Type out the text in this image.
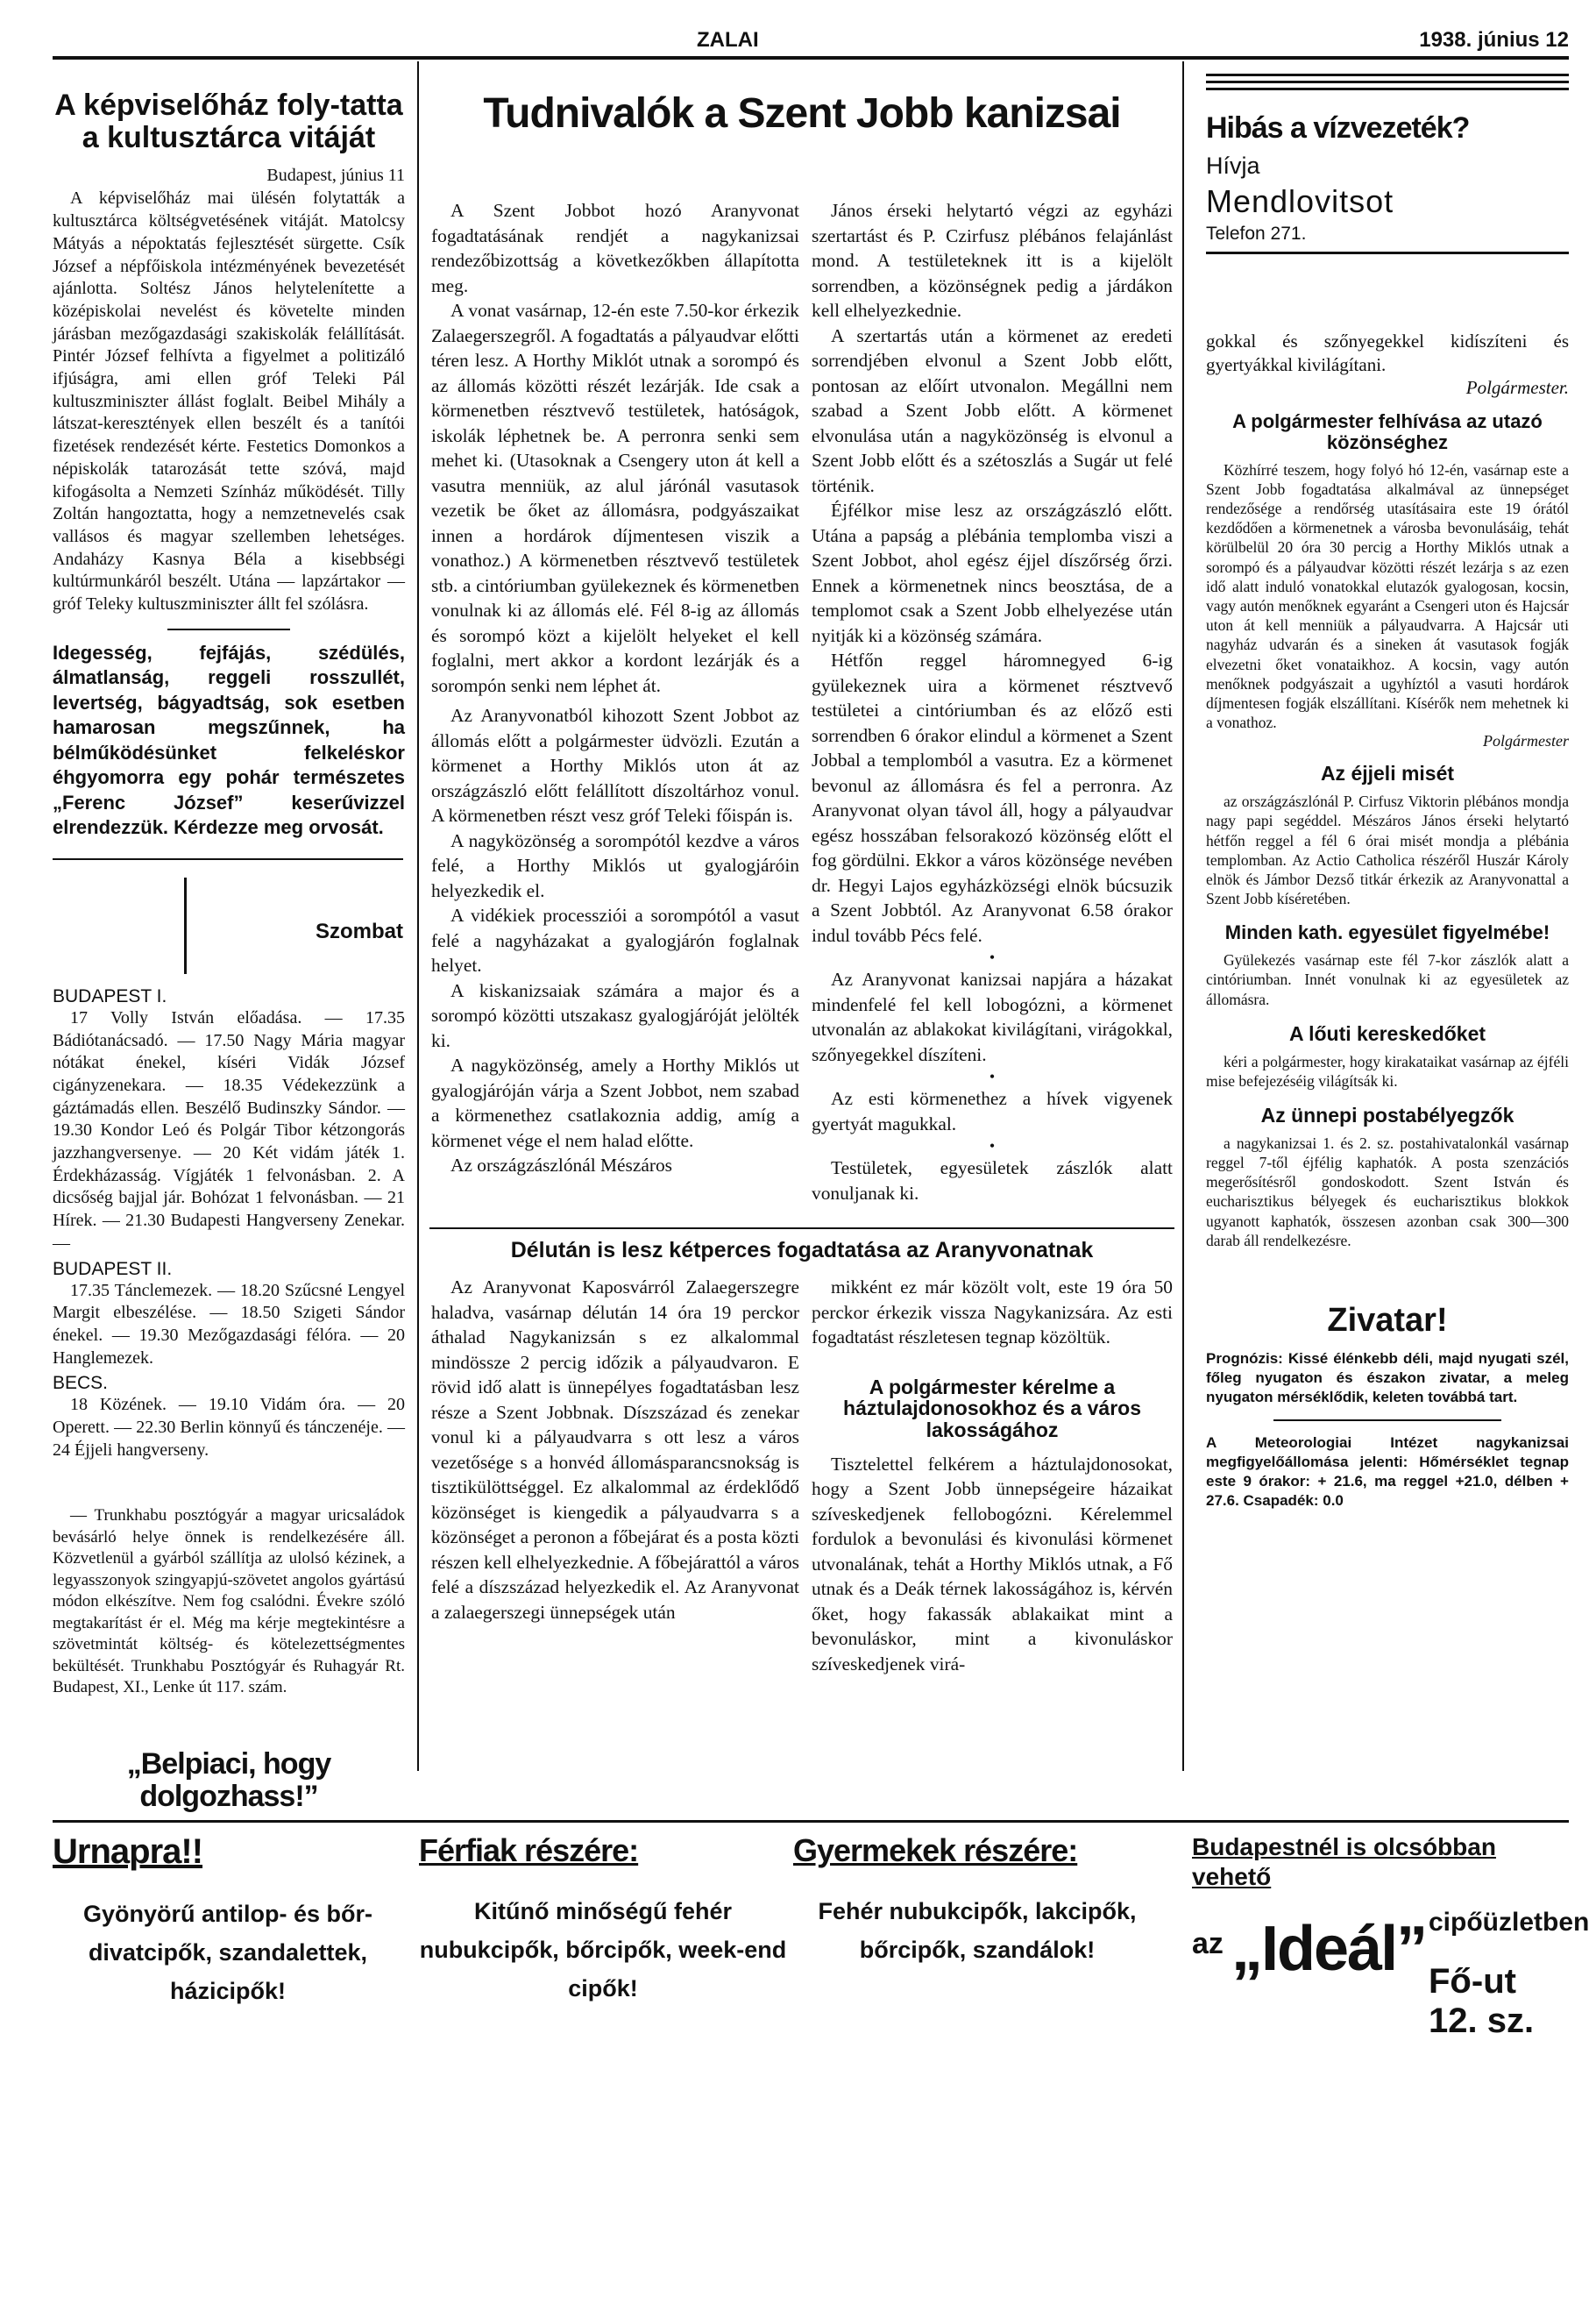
ZALAI	1938. június 12
A képviselőház foly-tatta a kultusztárca vitáját
Budapest, június 11

A képviselőház mai ülésén folytatták a kultusztárca költségvetésének vitáját. Matolcsy Mátyás a népoktatás fejlesztését sürgette. Csík József a népfőiskola intézményének bevezetését ajánlotta. Soltész János helytelenítette a középiskolai nevelést és követelte minden járásban mezőgazdasági szakiskolák felállítását. Pintér József felhívta a figyelmet a politizáló ifjúságra, ami ellen gróf Teleki Pál kultuszminiszter állást foglalt. Beibel Mihály a látszat-keresztények ellen beszélt és a tanítói fizetések rendezését kérte. Festetics Domonkos a népiskolák tatarozását tette szóvá, majd kifogásolta a Nemzeti Színház működését. Tilly Zoltán hangoztatta, hogy a nemzetnevelés csak vallásos és magyar szellemben lehetséges. Andaházy Kasnya Béla a kisebbségi kultúrmunkáról beszélt. Utána — lapzártakor — gróf Teleky kultuszminiszter állt fel szólásra.

Idegesség, fejfájás, szédülés, álmatlanság, reggeli rosszullét, levertség, bágyadtság, sok esetben hamarosan megszűnnek, ha bélműködésünket felkeléskor éhgyomorra egy pohár természetes „Ferenc József” keserűvizzel elrendezzük. Kérdezze meg orvosát.
Szombat
BUDAPEST I.

17 Volly István előadása. — 17.35 Bádiótanácsadó. — 17.50 Nagy Mária magyar nótákat énekel, kíséri Vidák József cigányzenekara. — 18.35 Védekezzünk a gáztámadás ellen. Beszélő Budinszky Sándor. — 19.30 Kondor Leó és Polgár Tibor kétzongorás jazzhangversenye. — 20 Két vidám játék 1. Érdekházasság. Vígjáték 1 felvonásban. 2. A dicsőség bajjal jár. Bohózat 1 felvonásban. — 21 Hírek. — 21.30 Budapesti Hangverseny Zenekar. —

BUDAPEST II.

17.35 Tánclemezek. — 18.20 Szűcsné Lengyel Margit elbeszélése. — 18.50 Szigeti Sándor énekel. — 19.30 Mezőgazdasági félóra. — 20 Hanglemezek.

BECS.

18 Közének. — 19.10 Vidám óra. — 20 Operett. — 22.30 Berlin könnyű és tánczenéje. — 24 Éjjeli hangverseny.

— Trunkhabu posztógyár a magyar uricsaládok bevásárló helye önnek is rendelkezésére áll. Közvetlenül a gyárból szállítja az ulolsó kézinek, a legyasszonyok szingyapjú-szövetet angolos gyártású módon elkészítve. Nem fog csalódni. Évekre szóló megtakarítást ér el. Még ma kérje megtekintésre a szövetmintát költség- és kötelezettségmentes bekültését. Trunkhabu Posztógyár és Ruhagyár Rt. Budapest, XI., Lenke út 117. szám.

„Belpiaci, hogy dolgozhass!”
Tudnivalók a Szent Jobb kanizsai

A Szent Jobbot hozó Aranyvonat fogadtatásának rendjét a nagykanizsai rendezőbizottság a következőkben állapította meg.

A vonat vasárnap, 12-én este 7.50-kor érkezik Zalaegerszegről. A fogadtatás a pályaudvar előtti téren lesz. A Horthy Miklót utnak a sorompó és az állomás közötti részét lezárják. Ide csak a körmenetben résztvevő testületek, hatóságok, iskolák léphetnek be. A perronra senki sem mehet ki. (Utasoknak a Csengery uton át kell a vasutra menniük, az alul járónál vasutasok vezetik be őket az állomásra, podgyászaikat innen a hordárok díjmentesen viszik a vonathoz.) A körmenetben résztvevő testületek stb. a cintóriumban gyülekeznek és körmenetben vonulnak ki az állomás elé. Fél 8-ig az állomás és sorompó közt a kijelölt helyeket el kell foglalni, mert akkor a kordont lezárják és a sorompón senki nem léphet át.

Az Aranyvonatból kihozott Szent Jobbot az állomás előtt a polgármester üdvözli. Ezután a körmenet a Horthy Miklós uton át az országzászló előtt felállított díszoltárhoz vonul. A körmenetben részt vesz gróf Teleki főispán is.

A nagyközönség a sorompótól kezdve a város felé, a Horthy Miklós ut gyalogjáróin helyezkedik el.

A vidékiek processziói a sorompótól a vasut felé a nagyházakat a gyalogjárón foglalnak helyet.

A kiskanizsaiak számára a major és a sorompó közötti utszakasz gyalogjáróját jelölték ki.

A nagyközönség, amely a Horthy Miklós ut gyalogjáróján várja a Szent Jobbot, nem szabad a körmenethez csatlakoznia addig, amíg a körmenet vége el nem halad előtte.

Az országzászlónál Mészáros

János érseki helytartó végzi az egyházi szertartást és P. Czirfusz plébános felajánlást mond. A testületeknek itt is a kijelölt sorrendben, a közönségnek pedig a járdákon kell elhelyezkednie.

A szertartás után a körmenet az eredeti sorrendjében elvonul a Szent Jobb előtt, pontosan az előírt utvonalon. Megállni nem szabad a Szent Jobb előtt. A körmenet elvonulása után a nagyközönség is elvonul a Szent Jobb előtt és a szétoszlás a Sugár ut felé történik.

Éjfélkor mise lesz az országzászló előtt. Utána a papság a plébánia templomba viszi a Szent Jobbot, ahol egész éjjel díszőrség őrzi. Ennek a körmenetnek nincs beosztása, de a templomot csak a Szent Jobb elhelyezése után nyitják ki a közönség számára.

Hétfőn reggel háromnegyed 6-ig gyülekeznek uira a körmenet résztvevő testületei a cintóriumban és az előző esti sorrendben 6 órakor elindul a körmenet a Szent Jobbal a templomból a vasutra. Ez a körmenet bevonul az állomásra és fel a perronra. Az Aranyvonat olyan távol áll, hogy a pályaudvar egész hosszában felsorakozó közönség előtt el fog gördülni. Ekkor a város közönsége nevében dr. Hegyi Lajos egyházközségi elnök búcsuzik a Szent Jobbtól. Az Aranyvonat 6.58 órakor indul tovább Pécs felé.

•

Az Aranyvonat kanizsai napjára a házakat mindenfelé fel kell lobogózni, a körmenet utvonalán az ablakokat kivilágítani, virágokkal, szőnyegekkel díszíteni.

•

Az esti körmenethez a hívek vigyenek gyertyát magukkal.

•

Testületek, egyesületek zászlók alatt vonuljanak ki.

Délután is lesz kétperces fogadtatása az Aranyvonatnak

Az Aranyvonat Kaposvárról Zalaegerszegre haladva, vasárnap délután 14 óra 19 perckor áthalad Nagykanizsán s ez alkalommal mindössze 2 percig időzik a pályaudvaron. E rövid idő alatt is ünnepélyes fogadtatásban lesz része a Szent Jobbnak. Díszszázad és zenekar vonul ki a pályaudvarra s ott lesz a város vezetősége s a honvéd állomásparancsnokság is tisztikülöttséggel. Ez alkalommal az érdeklődő közönséget is kiengedik a pályaudvarra s a közönséget a peronon a főbejárat és a posta közti részen kell elhelyezkednie. A főbejárattól a város felé a díszszázad helyezkedik el. Az Aranyvonat a zalaegerszegi ünnepségek után

mikként ez már közölt volt, este 19 óra 50 perckor érkezik vissza Nagykanizsára. Az esti fogadtatást részletesen tegnap közöltük.

A polgármester kérelme a háztulajdonosokhoz és a város lakosságához

Tisztelettel felkérem a háztulajdonosokat, hogy a Szent Jobb ünnepségeire házaikat szíveskedjenek fellobogózni. Kérelemmel fordulok a bevonulási és kivonulási körmenet utvonalának, tehát a Horthy Miklós utnak, a Fő utnak és a Deák térnek lakosságához is, kérvén őket, hogy fakassák ablakaikat mint a bevonuláskor, mint a kivonuláskor szíveskedjenek virá-

Hibás a vízvezeték?
Hívja
Mendlovitsot
Telefon 271.

gokkal és szőnyegekkel kidíszíteni és gyertyákkal kivilágítani.

Polgármester.
A polgármester felhívása az utazó közönséghez

Közhírré teszem, hogy folyó hó 12-én, vasárnap este a Szent Jobb fogadtatása alkalmával az ünnepséget rendezősége a rendőrség utasításaira este 19 órától kezdődően a körmenetnek a városba bevonulásáig, tehát körülbelül 20 óra 30 percig a Horthy Miklós utnak a sorompó és a pályaudvar közötti részét lezárja s az ezen idő alatt induló vonatokkal elutazók gyalogosan, kocsin, vagy autón menőknek egyaránt a Csengeri uton és Hajcsár uton át kell menniük a pályaudvarra. A Hajcsár uti nagyház udvarán és a sineken át vasutasok fogják elvezetni őket vonataikhoz. A kocsin, vagy autón menőknek podgyászait a ugyhíztól a vasuti hordárok díjmentesen fogják elszállítani. Kísérők nem mehetnek ki a vonathoz.

Polgármester
Az éjjeli misét

az országzászlónál P. Cirfusz Viktorin plébános mondja nagy papi segéddel. Mészáros János érseki helytartó hétfőn reggel a fél 6 órai misét mondja a plébánia templomban. Az Actio Catholica részéről Huszár Károly elnök és Jámbor Dezső titkár érkezik az Aranyvonattal a Szent Jobb kíséretében.

Minden kath. egyesület figyelmébe!

Gyülekezés vasárnap este fél 7-kor zászlók alatt a cintóriumban. Innét vonulnak ki az egyesületek az állomásra.

A lőuti kereskedőket

kéri a polgármester, hogy kirakataikat vasárnap az éjféli mise befejezéséig világítsák ki.

Az ünnepi postabélyegzők

a nagykanizsai 1. és 2. sz. postahivatalonkál vasárnap reggel 7-től éjfélig kaphatók. A posta szenzációs megerősítésről gondoskodott. Szent István és eucharisztikus bélyegek és eucharisztikus blokkok ugyanott kaphatók, összesen azonban csak 300—300 darab áll rendelkezésre.

Zivatar!
Prognózis: Kissé élénkebb déli, majd nyugati szél, főleg nyugaton és északon zivatar, a meleg nyugaton mérséklődik, keleten továbbá tart.
A Meteorologiai Intézet nagykanizsai megfigyelőállomása jelenti: Hőmérséklet tegnap este 9 órakor: + 21.6, ma reggel +21.0, délben + 27.6. Csapadék: 0.0
Urnapra!!
Gyönyörű antilop- és bőr-divatcipők, szandalettek, házicipők!
Férfiak részére:
Kitűnő minőségű fehér nubukcipők, bőrcipők, week-end cipők!
Gyermekek részére:
Fehér nubukcipők, lakcipők, bőrcipők, szandálok!
Budapestnél is olcsóbban vehető
az „Ideál” cipőüzletben
Fő-ut 12. sz.
